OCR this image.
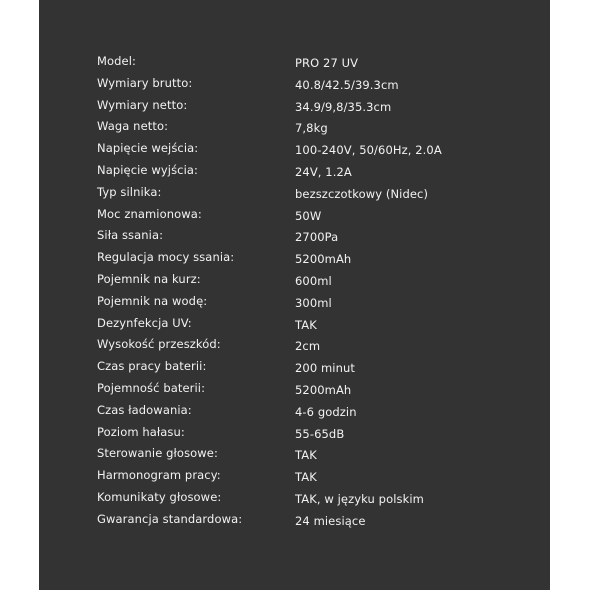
Model:	PRO 27 UV
Wymiary brutto:	40.8/42.5/39.3cm
Wymiary netto:	34.9/9,8/35.3cm
Waga netto:	7,8kg
Napięcie wejścia:	100-240V, 50/60Hz, 2.0A
Napięcie wyjścia:	24V, 1.2A
Typ silnika:	bezszczotkowy (Nidec)
Moc znamionowa:	50W
Siła ssania:	2700Pa
Regulacja mocy ssania:	5200mAh
Pojemnik na kurz:	600ml
Pojemnik na wodę:	300ml
Dezynfekcja UV:	TAK
Wysokość przeszkód:	2cm
Czas pracy baterii:	200 minut
Pojemność baterii:	5200mAh
Czas ładowania:	4-6 godzin
Poziom hałasu:	55-65dB
Sterowanie głosowe:	TAK
Harmonogram pracy:	TAK
Komunikaty głosowe:	TAK, w języku polskim
Gwarancja standardowa:	24 miesiące
